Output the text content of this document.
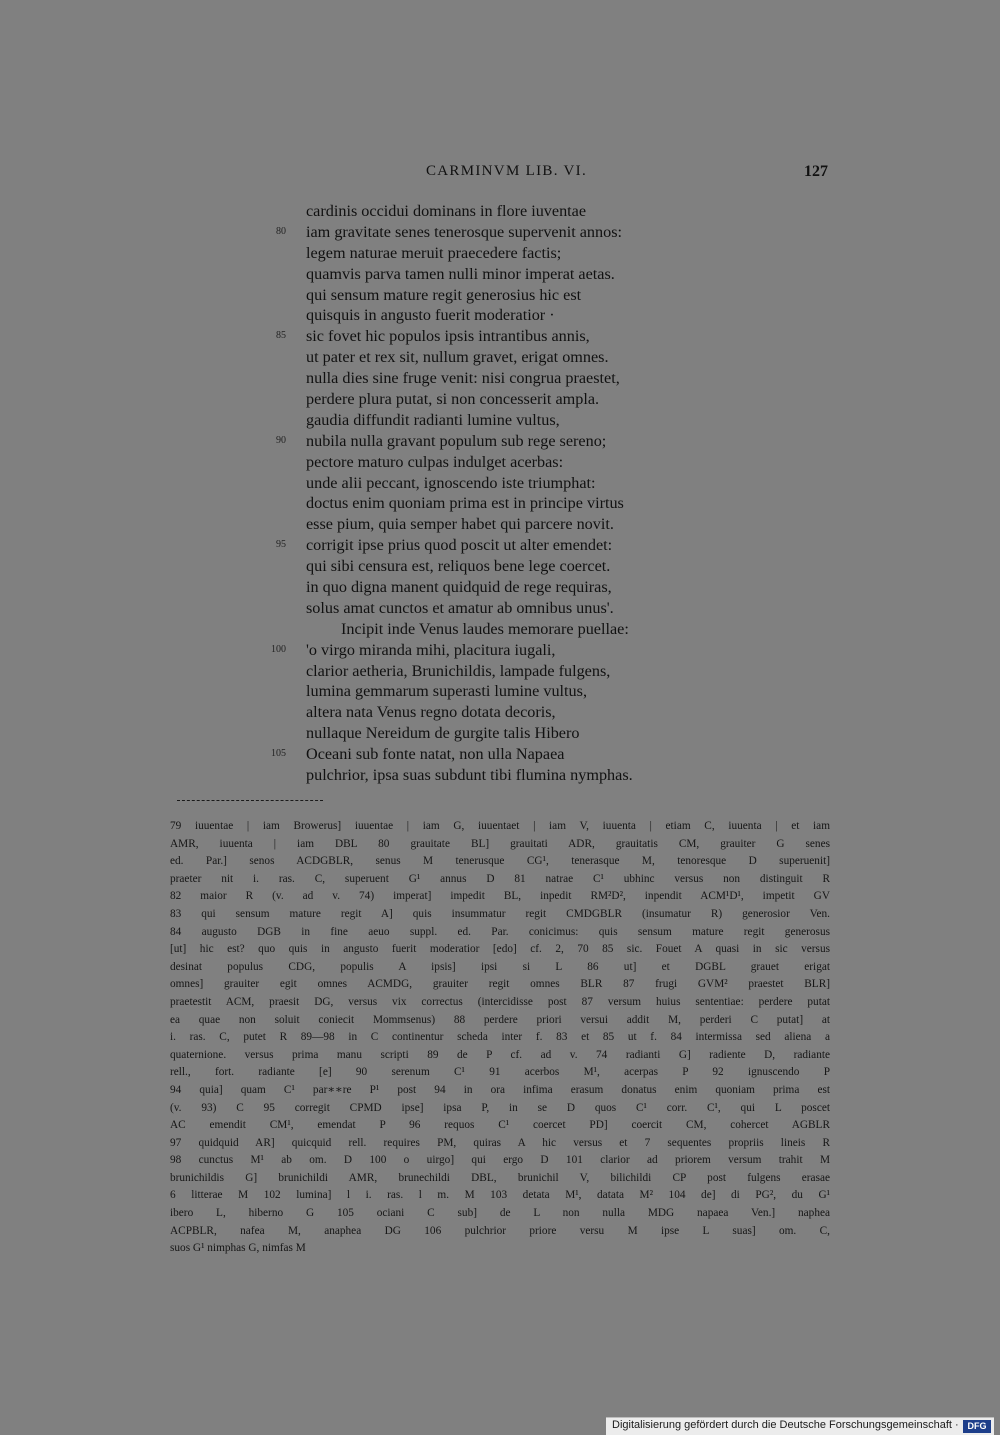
CARMINVM LIB. VI.	127
cardinis occidui dominans in flore iuventae
80 iam gravitate senes tenerosque supervenit annos:
legem naturae meruit praecedere factis;
quamvis parva tamen nulli minor imperat aetas.
qui sensum mature regit generosius hic est
quisquis in angusto fuerit moderatior ·
85 sic fovet hic populos ipsis intrantibus annis,
ut pater et rex sit, nullum gravet, erigat omnes.
nulla dies sine fruge venit: nisi congrua praestet,
perdere plura putat, si non concesserit ampla.
gaudia diffundit radianti lumine vultus,
90 nubila nulla gravant populum sub rege sereno;
pectore maturo culpas indulget acerbas:
unde alii peccant, ignoscendo iste triumphat:
doctus enim quoniam prima est in principe virtus
esse pium, quia semper habet qui parcere novit.
95 corrigit ipse prius quod poscit ut alter emendet:
qui sibi censura est, reliquos bene lege coercet.
in quo digna manent quidquid de rege requiras,
solus amat cunctos et amatur ab omnibus unus'.
Incipit inde Venus laudes memorare puellae:
100 'o virgo miranda mihi, placitura iugali,
clarior aetheria, Brunichildis, lampade fulgens,
lumina gemmarum superasti lumine vultus,
altera nata Venus regno dotata decoris,
nullaque Nereidum de gurgite talis Hibero
105 Oceani sub fonte natat, non ulla Napaea
pulchrior, ipsa suas subdunt tibi flumina nymphas.
79 iuuentae | iam Browerus] iuuentae | iam G, iuuentaet | iam V, iuuenta | etiam C, iuuenta | et iam
AMR, iuuenta | iam DBL 80 grauitate BL] grauitati ADR, grauitatis CM, grauiter G senes
ed. Par.] senos ACDGBLR, senus M tenerusque CG¹, tenerasque M, tenoresque D superuenit]
praeter nit i. ras. C, superuent G¹ annus D 81 natrae C¹ ubhinc versus non distinguit R
82 maior R (v. ad v. 74) imperat] impedit BL, inpedit RM²D², inpendit ACM¹D¹, impetit GV
83 qui sensum mature regit A] quis insummatur regit CMDGBLR (insumatur R) generosior Ven.
84 augusto DGB in fine aeuo suppl. ed. Par. conicimus: quis sensum mature regit generosus
[ut] hic est? quo quis in angusto fuerit moderatior [edo] cf. 2, 70 85 sic. Fouet A quasi in sic versus
desinat populus CDG, populis A ipsis] ipsi si L 86 ut] et DGBL grauet erigat
omnes] grauiter egit omnes ACMDG, grauiter regit omnes BLR 87 frugi GVM² praestet BLR]
praetestit ACM, praesit DG, versus vix correctus (intercidisse post 87 versum huius sententiae: perdere putat
ea quae non soluit coniecit Mommsenus) 88 perdere priori versui addit M, perderi C putat] at
i. ras. C, putet R 89—98 in C continentur scheda inter f. 83 et 85 ut f. 84 intermissa sed aliena a
quaternione. versus prima manu scripti 89 de P cf. ad v. 74 radianti G] radiente D, radiante
rell., fort. radiante [e] 90 serenum C¹ 91 acerbos M¹, acerpas P 92 ignuscendo P
94 quia] quam C¹ par∗∗re P¹ post 94 in ora infima erasum donatus enim quoniam prima est
(v. 93) C 95 corregit CPMD ipse] ipsa P, in se D quos C¹ corr. C¹, qui L poscet
AC emendit CM¹, emendat P 96 requos C¹ coercet PD] coercit CM, cohercet AGBLR
97 quidquid AR] quicquid rell. requires PM, quiras A hic versus et 7 sequentes propriis lineis R
98 cunctus M¹ ab om. D 100 o uirgo] qui ergo D 101 clarior ad priorem versum trahit M
brunichildis G] brunichildi AMR, brunechildi DBL, brunichil V, bilichildi CP post fulgens erasae
6 litterae M 102 lumina] l i. ras. l m. M 103 detata M¹, datata M² 104 de] di PG², du G¹
ibero L, hiberno G 105 ociani C sub] de L non nulla MDG napaea Ven.] naphea
ACPBLR, nafea M, anaphea DG 106 pulchrior priore versu M ipse L suas] om. C,
suos G¹ nimphas G, nimfas M
Digitalisierung gefördert durch die Deutsche Forschungsgemeinschaft · DFG
